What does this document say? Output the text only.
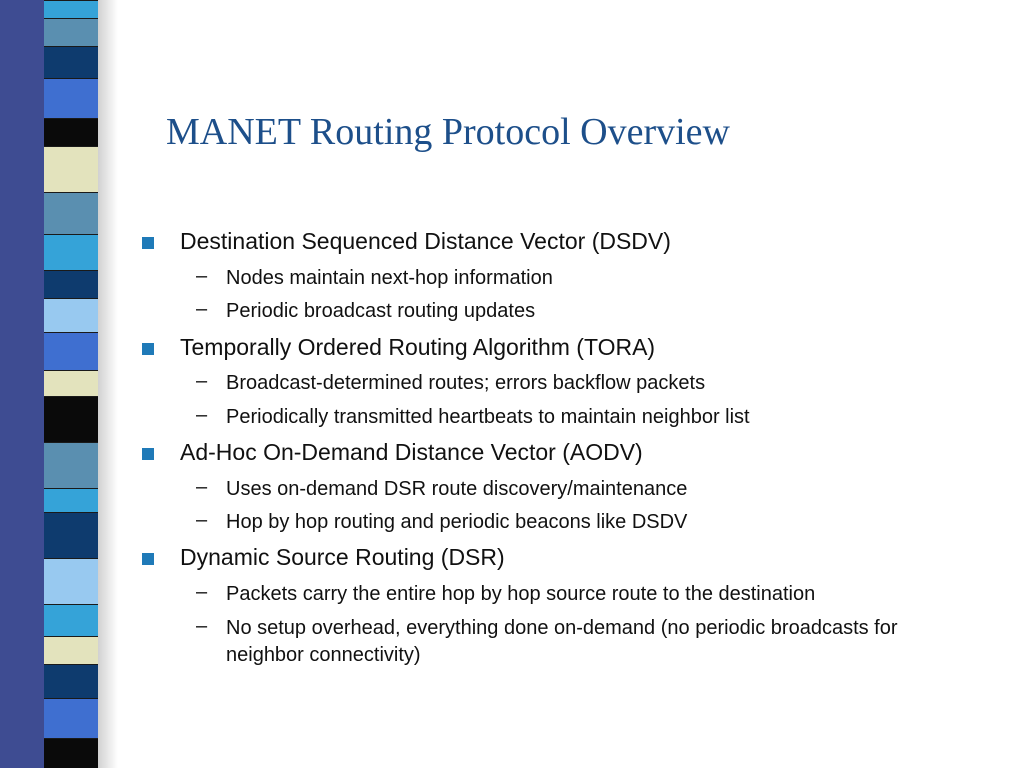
MANET Routing Protocol Overview
Destination Sequenced Distance Vector (DSDV)
– Nodes maintain next-hop information
– Periodic broadcast routing updates
Temporally Ordered Routing Algorithm (TORA)
– Broadcast-determined routes; errors backflow packets
– Periodically transmitted heartbeats to maintain neighbor list
Ad-Hoc On-Demand Distance Vector (AODV)
– Uses on-demand DSR route discovery/maintenance
– Hop by hop routing and periodic beacons like DSDV
Dynamic Source Routing (DSR)
– Packets carry the entire hop by hop source route to the destination
– No setup overhead, everything done on-demand (no periodic broadcasts for neighbor connectivity)
